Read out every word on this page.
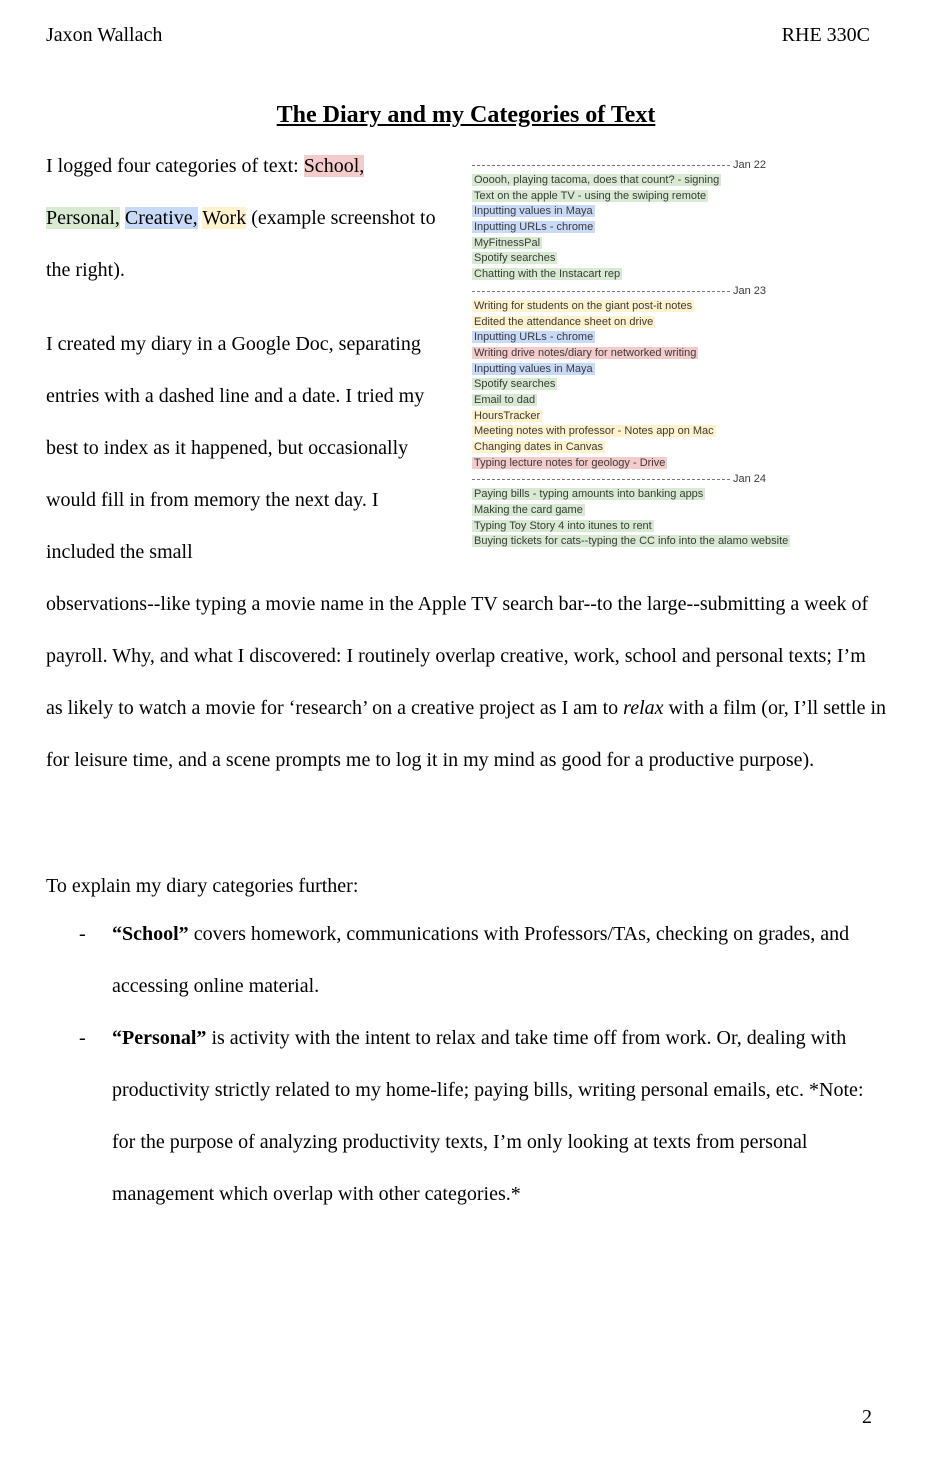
Jaxon Wallach	RHE 330C
The Diary and my Categories of Text
I logged four categories of text: School,
Personal, Creative, Work (example screenshot to the right).
I created my diary in a Google Doc, separating entries with a dashed line and a date. I tried my best to index as it happened, but occasionally would fill in from memory the next day. I included the small
observations--like typing a movie name in the Apple TV search bar--to the large--submitting a week of payroll. Why, and what I discovered: I routinely overlap creative, work, school and personal texts; I’m as likely to watch a movie for ‘research’ on a creative project as I am to relax with a film (or, I’ll settle in for leisure time, and a scene prompts me to log it in my mind as good for a productive purpose).
To explain my diary categories further:
- “School” covers homework, communications with Professors/TAs, checking on grades, and accessing online material.
- “Personal” is activity with the intent to relax and take time off from work. Or, dealing with productivity strictly related to my home-life; paying bills, writing personal emails, etc. *Note: for the purpose of analyzing productivity texts, I’m only looking at texts from personal management which overlap with other categories.*
Jan 22
Ooooh, playing tacoma, does that count? - signing
Text on the apple TV - using the swiping remote
Inputting values in Maya
Inputting URLs - chrome
MyFitnessPal
Spotify searches
Chatting with the Instacart rep
Jan 23
Writing for students on the giant post-it notes
Edited the attendance sheet on drive
Inputting URLs - chrome
Writing drive notes/diary for networked writing
Inputting values in Maya
Spotify searches
Email to dad
HoursTracker
Meeting notes with professor - Notes app on Mac
Changing dates in Canvas
Typing lecture notes for geology - Drive
Jan 24
Paying bills - typing amounts into banking apps
Making the card game
Typing Toy Story 4 into itunes to rent
Buying tickets for cats--typing the CC info into the alamo website
2
